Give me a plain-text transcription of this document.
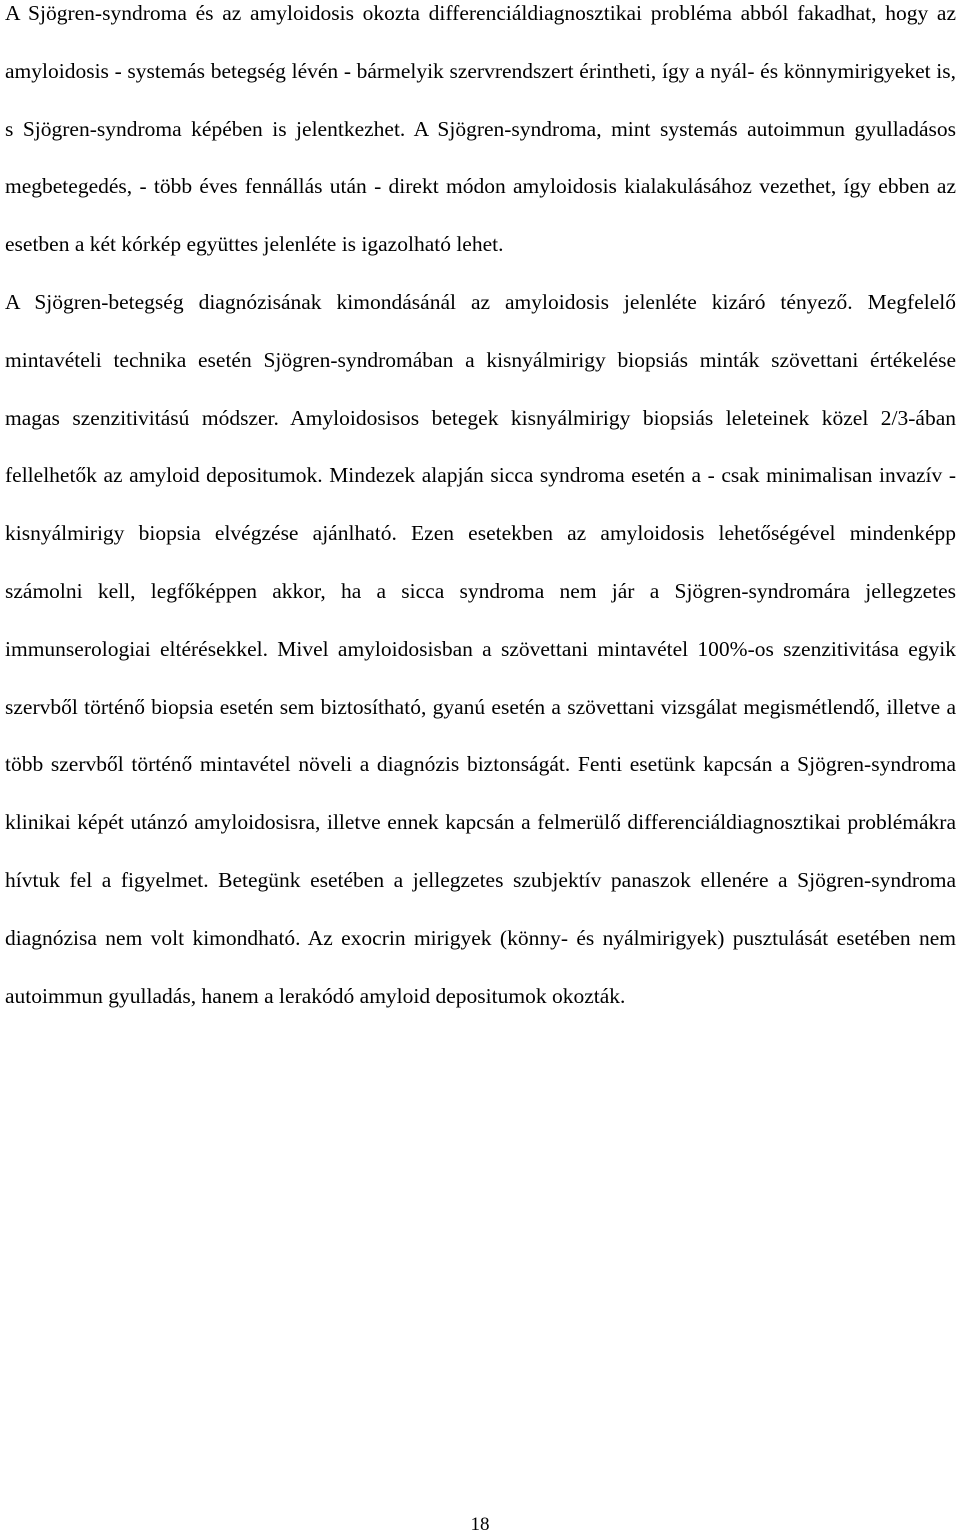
A Sjögren-syndroma és az amyloidosis okozta differenciáldiagnosztikai probléma abból fakadhat, hogy az amyloidosis - systemás betegség lévén - bármelyik szervrendszert érintheti, így a nyál- és könnymirigyeket is, s Sjögren-syndroma képében is jelentkezhet. A Sjögren-syndroma, mint systemás autoimmun gyulladásos megbetegedés, - több éves fennállás után - direkt módon amyloidosis kialakulásához vezethet, így ebben az esetben a két kórkép együttes jelenléte is igazolható lehet.

A Sjögren-betegség diagnózisának kimondásánál az amyloidosis jelenléte kizáró tényező. Megfelelő mintavételi technika esetén Sjögren-syndromában a kisnyálmirigy biopsiás minták szövettani értékelése magas szenzitivitású módszer. Amyloidosisos betegek kisnyálmirigy biopsiás leleteinek közel 2/3-ában fellelhetők az amyloid depositumok. Mindezek alapján sicca syndroma esetén a - csak minimalisan invazív - kisnyálmirigy biopsia elvégzése ajánlható. Ezen esetekben az amyloidosis lehetőségével mindenképp számolni kell, legfőképpen akkor, ha a sicca syndroma nem jár a Sjögren-syndromára jellegzetes immunserologiai eltérésekkel. Mivel amyloidosisban a szövettani mintavétel 100%-os szenzitivitása egyik szervből történő biopsia esetén sem biztosítható, gyanú esetén a szövettani vizsgálat megismétlendő, illetve a több szervből történő mintavétel növeli a diagnózis biztonságát. Fenti esetünk kapcsán a Sjögren-syndroma klinikai képét utánzó amyloidosisra, illetve ennek kapcsán a felmerülő differenciáldiagnosztikai problémákra hívtuk fel a figyelmet. Betegünk esetében a jellegzetes szubjektív panaszok ellenére a Sjögren-syndroma diagnózisa nem volt kimondható. Az exocrin mirigyek (könny- és nyálmirigyek) pusztulását esetében nem autoimmun gyulladás, hanem a lerakódó amyloid depositumok okozták.

18
